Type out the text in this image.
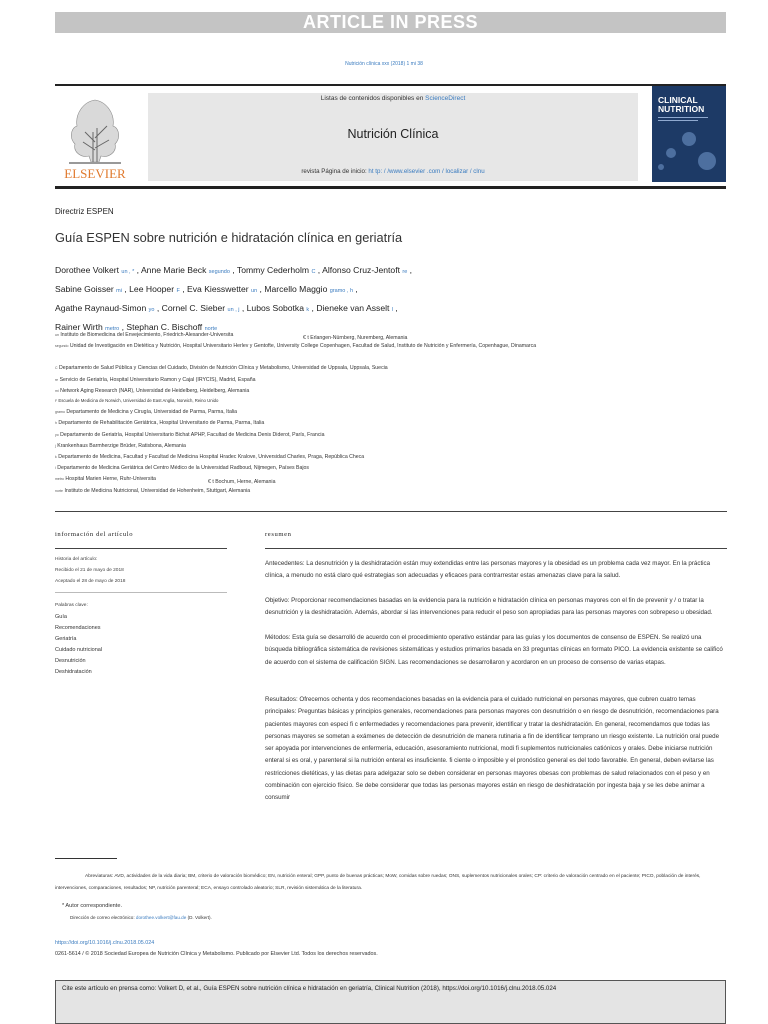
ARTICLE IN PRESS
Nutrición clínica xxx (2018) 1 mi 38
ELSEVIER
Listas de contenidos disponibles en ScienceDirect
Nutrición Clínica
revista Página de inicio: ht tp: / /www.elsevier .com / localizar / clnu
CLINICAL
NUTRITION
Directriz ESPEN
Guía ESPEN sobre nutrición e hidratación clínica en geriatría
Dorothee Volkert un , * , Anne Marie Beck segundo , Tommy Cederholm C , Alfonso Cruz-Jentoft re ,
Sabine Goisser mi , Lee Hooper F , Eva Kiesswetter un , Marcello Maggio gramo , h ,
Agathe Raynaud-Simon yo , Cornel C. Sieber un , j , Lubos Sobotka k , Dieneke van Asselt l ,
Rainer Wirth metro , Stephan C. Bischoff norte
un Instituto de Biomedicina del Envejecimiento, Friedrich-Alexander-Universita	€ t Erlangen-Nürnberg, Nuremberg, Alemania
segundo Unidad de Investigación en Dietética y Nutrición, Hospital Universitario Herlev y Gentofte, University College Copenhagen, Facultad de Salud, Instituto de Nutrición y Enfermería, Copenhague, Dinamarca
C Departamento de Salud Pública y Ciencias del Cuidado, División de Nutrición Clínica y Metabolismo, Universidad de Uppsala, Uppsala, Suecia
re Servicio de Geriatría, Hospital Universitario Ramon y Cajal (IRYCIS), Madrid, España
mi Network Aging Research (NAR), Universidad de Heidelberg, Heidelberg, Alemania
F Escuela de Medicina de Norwich, Universidad de East Anglia, Norwich, Reino Unido
gramo Departamento de Medicina y Cirugía, Universidad de Parma, Parma, Italia
h Departamento de Rehabilitación Geriátrica, Hospital Universitario de Parma, Parma, Italia
yo Departamento de Geriatría, Hospital Universitario Bichat APHP, Facultad de Medicina Denis Diderot, París, Francia
j Krankenhaus Barmherzige Brüder, Ratisbona, Alemania
k Departamento de Medicina, Facultad y Facultad de Medicina Hospital Hradec Kralove, Universidad Charles, Praga, República Checa
l Departamento de Medicina Geriátrica del Centro Médico de la Universidad Radboud, Nijmegen, Países Bajos
metro Hospital Marien Herne, Ruhr-Universita	€ t Bochum, Herne, Alemania
norte Instituto de Medicina Nutricional, Universidad de Hohenheim, Stuttgart, Alemania
información del artículo
Historia del artículo:
Recibido el 21 de mayo de 2018
Aceptado el 28 de mayo de 2018
Palabras clave:
Guía
Recomendaciones
Geriatría
Cuidado nutricional
Desnutrición
Deshidratación
resumen
Antecedentes: La desnutrición y la deshidratación están muy extendidas entre las personas mayores y la obesidad es un problema cada vez mayor. En la práctica clínica, a menudo no está claro qué estrategias son adecuadas y eficaces para contrarrestar estas amenazas clave para la salud.
Objetivo: Proporcionar recomendaciones basadas en la evidencia para la nutrición e hidratación clínica en personas mayores con el fin de prevenir y / o tratar la desnutrición y la deshidratación. Además, abordar si las intervenciones para reducir el peso son apropiadas para las personas mayores con sobrepeso u obesidad.
Métodos: Esta guía se desarrolló de acuerdo con el procedimiento operativo estándar para las guías y los documentos de consenso de ESPEN. Se realizó una búsqueda bibliográfica sistemática de revisiones sistemáticas y estudios primarios basada en 33 preguntas clínicas en formato PICO. La evidencia existente se calificó de acuerdo con el sistema de calificación SIGN. Las recomendaciones se desarrollaron y acordaron en un proceso de consenso de varias etapas.
Resultados: Ofrecemos ochenta y dos recomendaciones basadas en la evidencia para el cuidado nutricional en personas mayores, que cubren cuatro temas principales: Preguntas básicas y principios generales, recomendaciones para personas mayores con desnutrición o en riesgo de desnutrición, recomendaciones para pacientes mayores con especi fi c enfermedades y recomendaciones para prevenir, identificar y tratar la deshidratación. En general, recomendamos que todas las personas mayores se sometan a exámenes de detección de desnutrición de manera rutinaria a fin de identificar temprano un riesgo existente. La nutrición oral puede ser apoyada por intervenciones de enfermería, educación, asesoramiento nutricional, modi fi suplementos nutricionales catiónicos y orales. Debe iniciarse nutrición enteral si es oral, y parenteral si la nutrición enteral es insuficiente. fi ciente o imposible y el pronóstico general es del todo favorable. En general, deben evitarse las restricciones dietéticas, y las dietas para adelgazar solo se deben considerar en personas mayores obesas con problemas de salud relacionados con el peso y en combinación con ejercicio físico. Se debe considerar que todas las personas mayores están en riesgo de deshidratación por ingesta baja y se les debe animar a consumir
Abreviaturas: AVD, actividades de la vida diaria; BM, criterio de valoración biomédico; EN, nutrición enteral; GPP, punto de buenas prácticas; MoW, comidas sobre ruedas; ONS, suplementos nutricionales orales; CP: criterio de valoración centrado en el paciente; PICO, población de interés, intervenciones, comparaciones, resultados; NP, nutrición parenteral; ECA, ensayo controlado aleatorio; SLR, revisión sistemática de la literatura.
* Autor correspondiente.
Dirección de correo electrónico: dorothee.volkert@fau.de (D. Volkert).
https://doi.org/10.1016/j.clnu.2018.05.024
0261-5614 / © 2018 Sociedad Europea de Nutrición Clínica y Metabolismo. Publicado por Elsevier Ltd. Todos los derechos reservados.
Cite este artículo en prensa como: Volkert D, et al., Guía ESPEN sobre nutrición clínica e hidratación en geriatría, Clinical Nutrition (2018), https://doi.org/10.1016/j.clnu.2018.05.024
